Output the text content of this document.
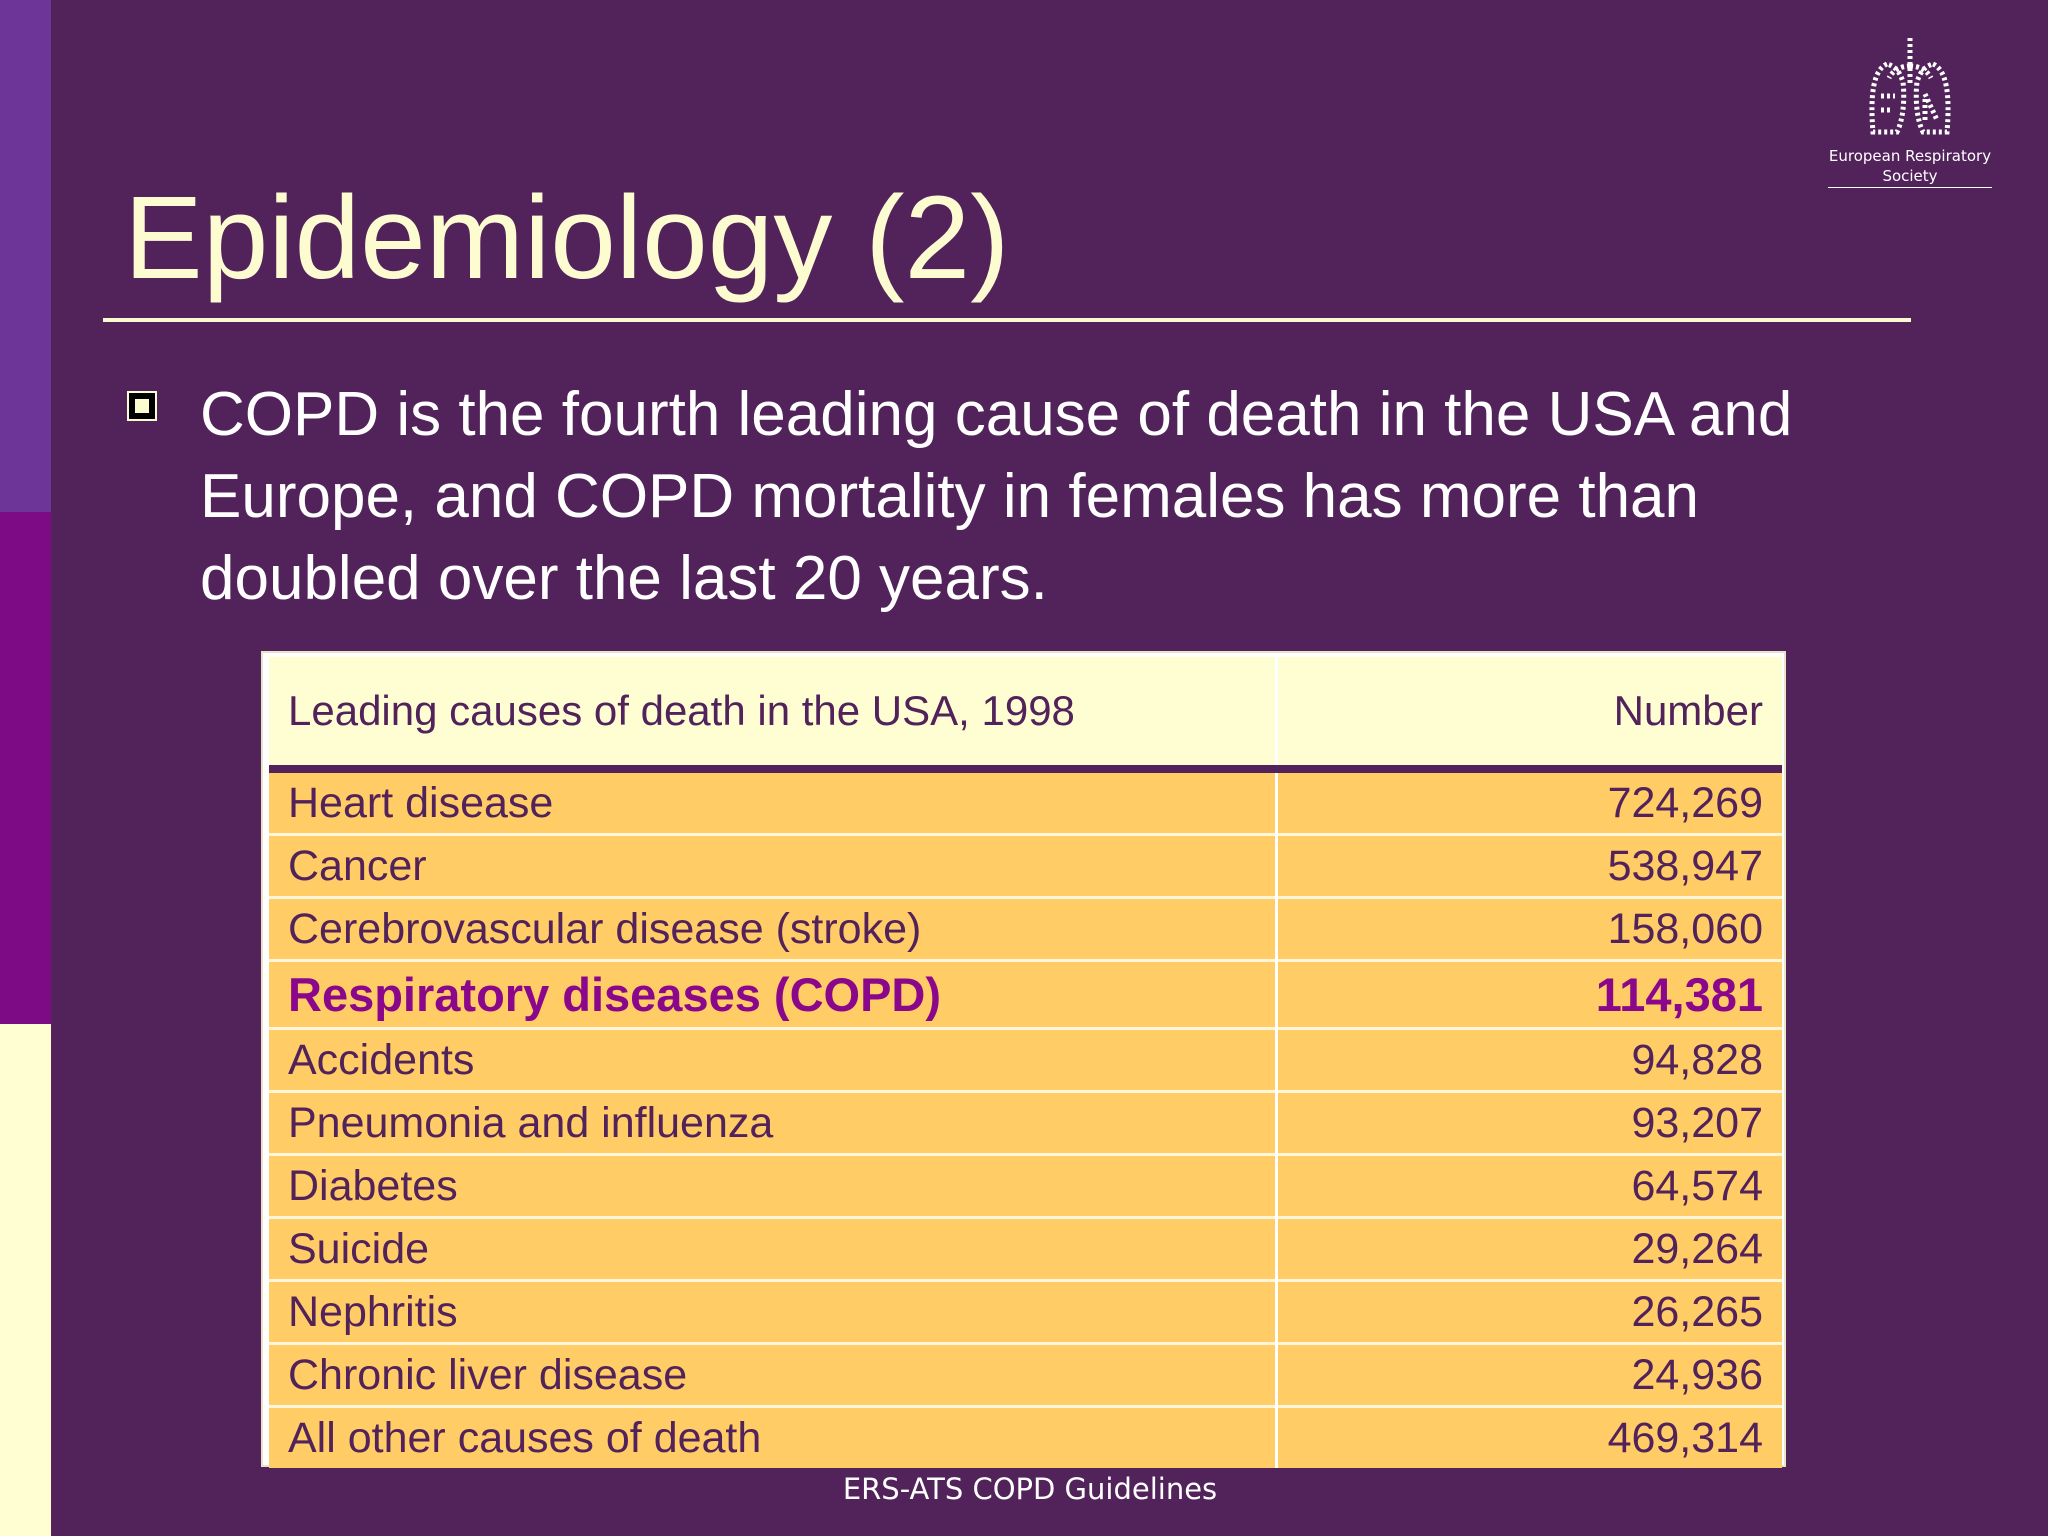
European Respiratory
Society
Epidemiology (2)

COPD is the fourth leading cause of death in the USA and Europe, and COPD mortality in females has more than doubled over the last 20 years.

Leading causes of death in the USA, 1998	Number
Heart disease	724,269
Cancer	538,947
Cerebrovascular disease (stroke)	158,060
Respiratory diseases (COPD)	114,381
Accidents	94,828
Pneumonia and influenza	93,207
Diabetes	64,574
Suicide	29,264
Nephritis	26,265
Chronic liver disease	24,936
All other causes of death	469,314
ERS-ATS COPD Guidelines
